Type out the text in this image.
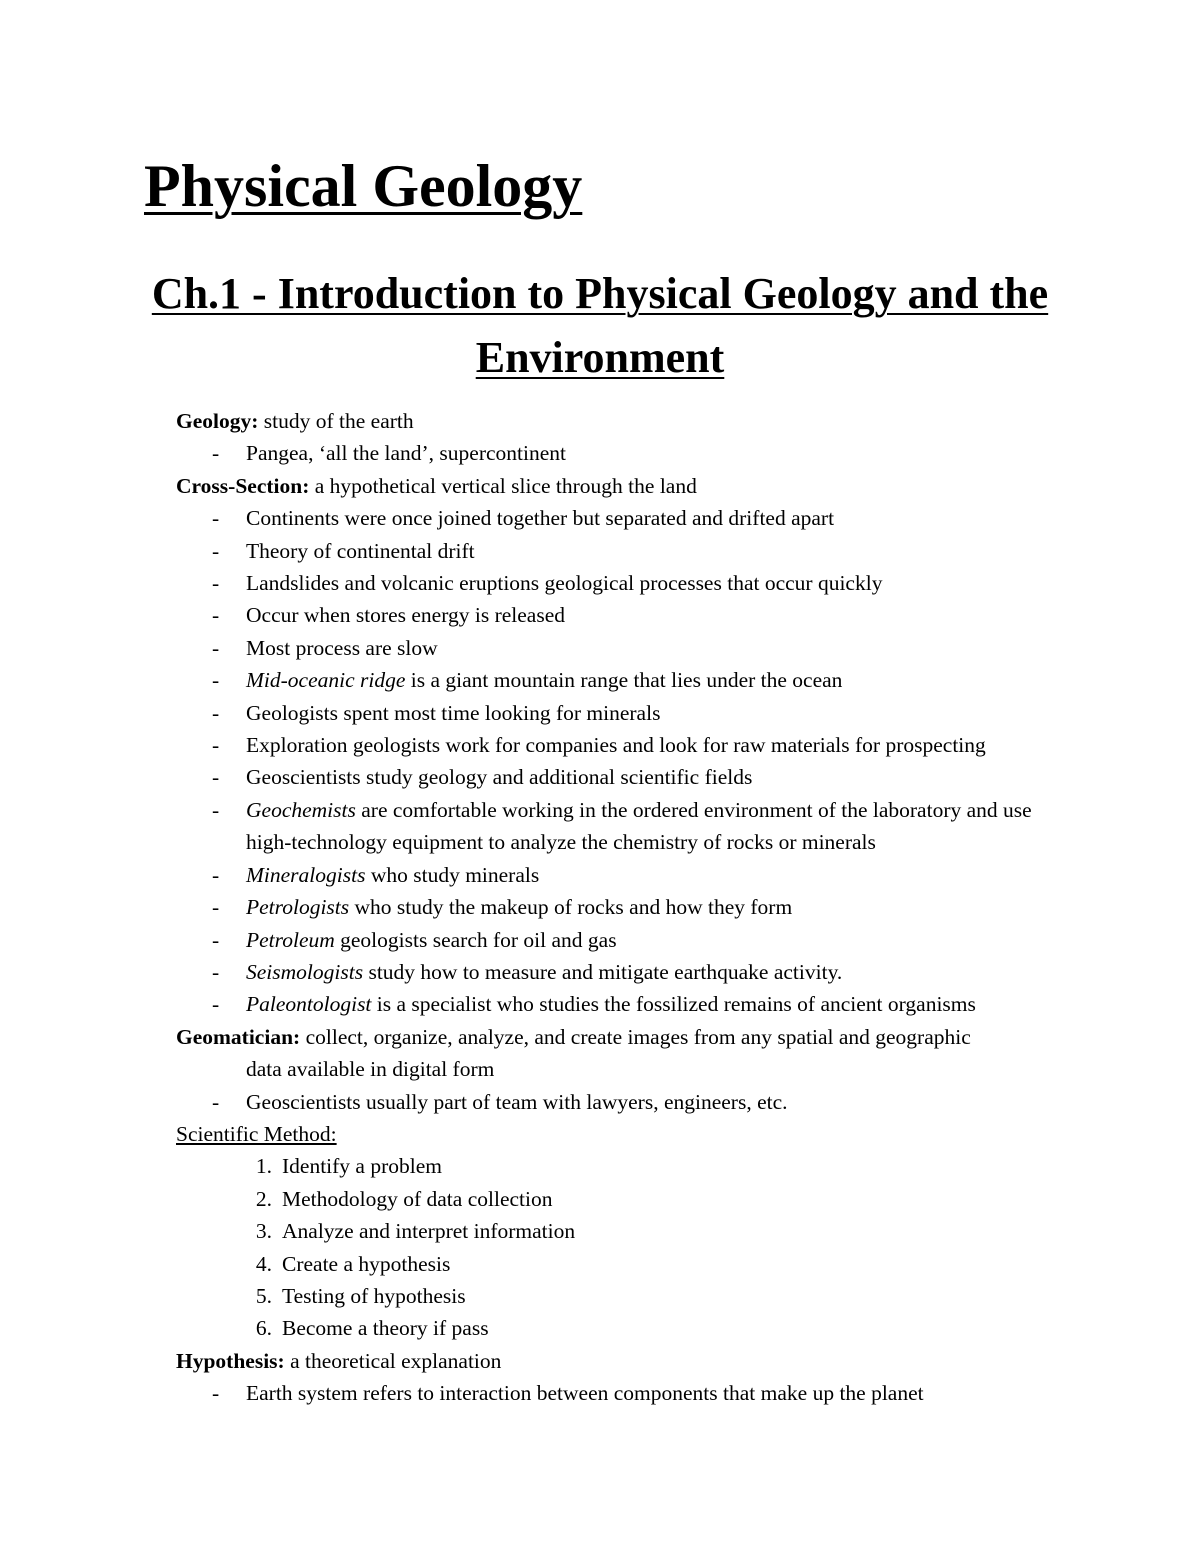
Physical Geology
Ch.1 - Introduction to Physical Geology and the Environment
Geology: study of the earth
-	Pangea, ‘all the land’, supercontinent
Cross-Section: a hypothetical vertical slice through the land
-	Continents were once joined together but separated and drifted apart
-	Theory of continental drift
-	Landslides and volcanic eruptions geological processes that occur quickly
-	Occur when stores energy is released
-	Most process are slow
-	Mid-oceanic ridge is a giant mountain range that lies under the ocean
-	Geologists spent most time looking for minerals
-	Exploration geologists work for companies and look for raw materials for prospecting
-	Geoscientists study geology and additional scientific fields
-	Geochemists are comfortable working in the ordered environment of the laboratory and use high-technology equipment to analyze the chemistry of rocks or minerals
-	Mineralogists who study minerals
-	Petrologists who study the makeup of rocks and how they form
-	Petroleum geologists search for oil and gas
-	Seismologists study how to measure and mitigate earthquake activity.
-	Paleontologist is a specialist who studies the fossilized remains of ancient organisms
Geomatician: collect, organize, analyze, and create images from any spatial and geographic
data available in digital form
-	Geoscientists usually part of team with lawyers, engineers, etc.
Scientific Method:
1. Identify a problem
2. Methodology of data collection
3. Analyze and interpret information
4. Create a hypothesis
5. Testing of hypothesis
6. Become a theory if pass
Hypothesis: a theoretical explanation
-	Earth system refers to interaction between components that make up the planet
